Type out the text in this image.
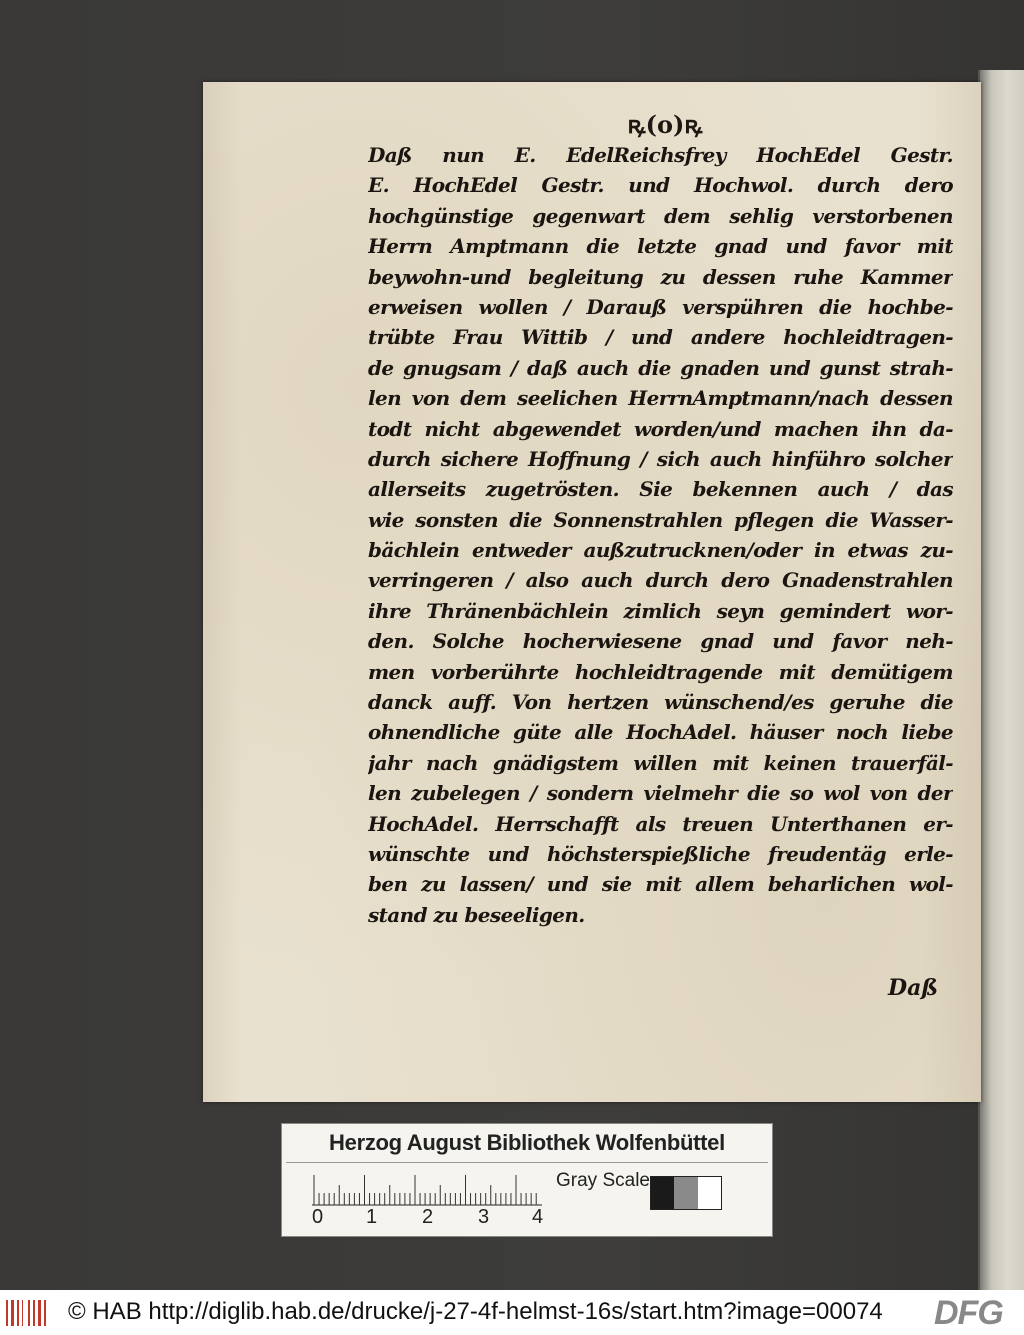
ꝶ(o)ꝶ
Daß nun E. EdelReichsfrey HochEdel Gestr.
E. HochEdel Gestr. und Hochwol. durch dero
hochgünstige gegenwart dem sehlig verstorbenen
Herrn Amptmann die letzte gnad und favor mit
beywohn-und begleitung zu dessen ruhe Kammer
erweisen wollen / Darauß verspühren die hochbe-
trübte Frau Wittib / und andere hochleidtragen-
de gnugsam / daß auch die gnaden und gunst strah-
len von dem seelichen HerrnAmptmann/nach dessen
todt nicht abgewendet worden/und machen ihn da-
durch sichere Hoffnung / sich auch hinführo solcher
allerseits zugetrösten. Sie bekennen auch / das
wie sonsten die Sonnenstrahlen pflegen die Wasser-
bächlein entweder außzutrucknen/oder in etwas zu-
verringeren / also auch durch dero Gnadenstrahlen
ihre Thränenbächlein zimlich seyn gemindert wor-
den. Solche hocherwiesene gnad und favor neh-
men vorberührte hochleidtragende mit demütigem
danck auff. Von hertzen wünschend/es geruhe die
ohnendliche güte alle HochAdel. häuser noch liebe
jahr nach gnädigstem willen mit keinen trauerfäl-
len zubelegen / sondern vielmehr die so wol von der
HochAdel. Herrschafft als treuen Unterthanen er-
wünschte und höchsterspießliche freudentäg erle-
ben zu lassen/ und sie mit allem beharlichen wol-
stand zu beseeligen.
Daß
Herzog August Bibliothek Wolfenbüttel
0 1 2 3 4
Gray Scale
© HAB http://diglib.hab.de/drucke/j-27-4f-helmst-16s/start.htm?image=00074 DFG
